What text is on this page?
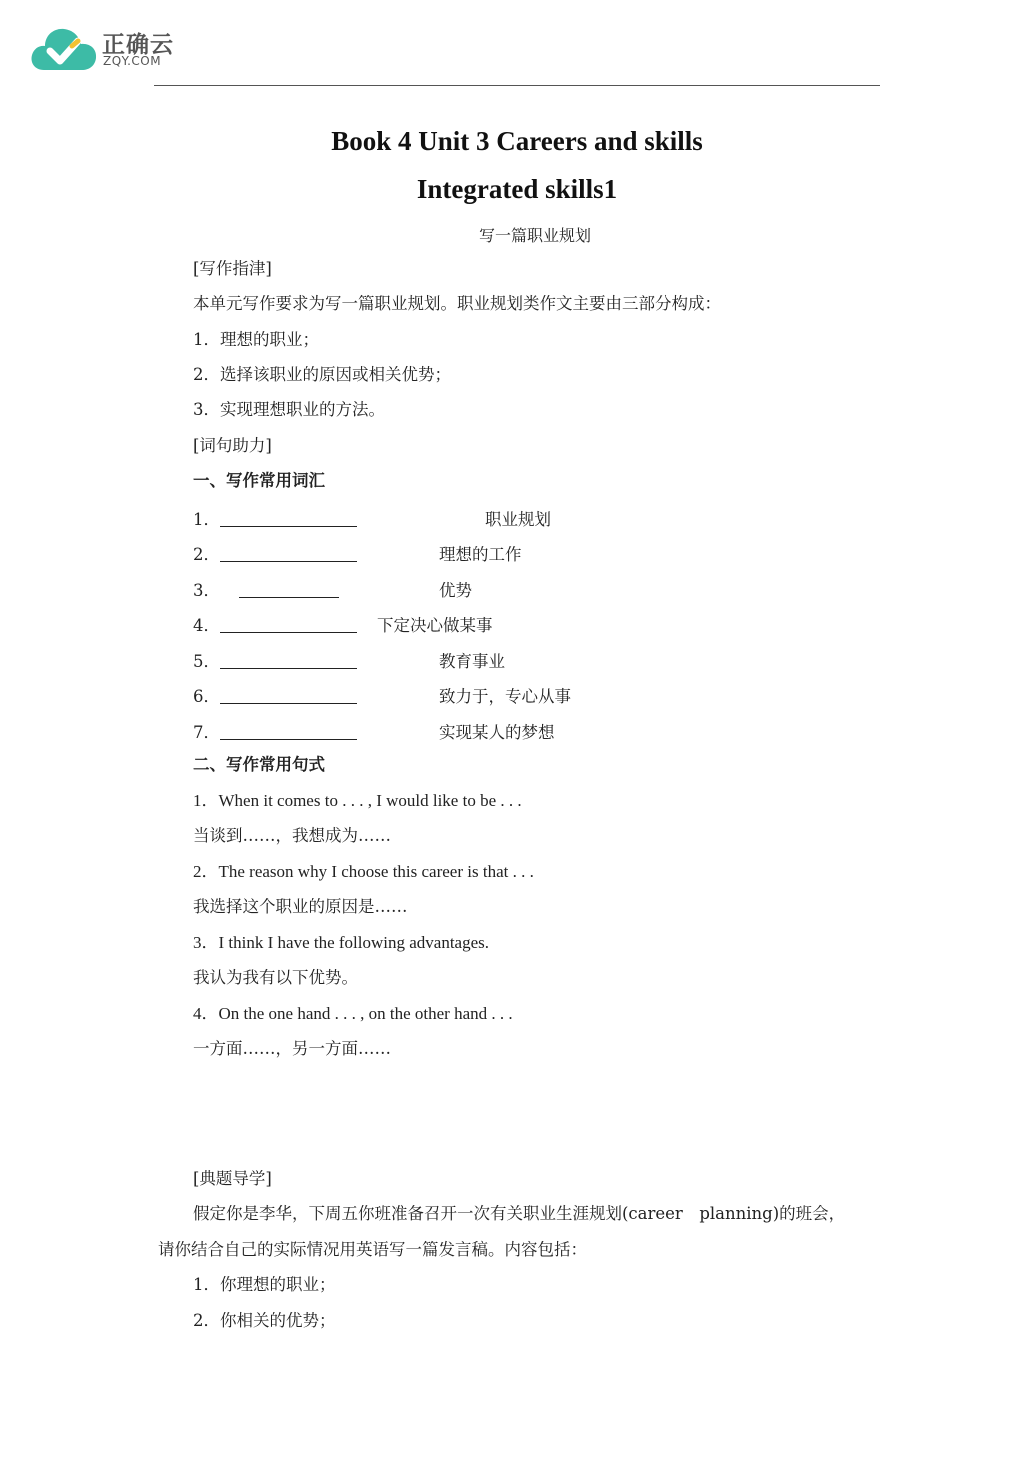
正确云
ZQY.COM
Book 4 Unit 3 Careers and skills
Integrated skills1
写一篇职业规划
[写作指津]
本单元写作要求为写一篇职业规划。职业规划类作文主要由三部分构成：
1．理想的职业；
2．选择该职业的原因或相关优势；
3．实现理想职业的方法。
[词句助力]
一、写作常用词汇
1．	职业规划
2．	理想的工作
3．	优势
4．	下定决心做某事
5．	教育事业
6．	致力于，专心从事
7．	实现某人的梦想
二、写作常用句式
1．When it comes to . . . , I would like to be . . .
当谈到……，我想成为……
2．The reason why I choose this career is that . . .
我选择这个职业的原因是……
3．I think I have the following advantages.
我认为我有以下优势。
4．On the one hand . . . , on the other hand . . .
一方面……，另一方面……
[典题导学]
假定你是李华，下周五你班准备召开一次有关职业生涯规划(career　planning)的班会，
请你结合自己的实际情况用英语写一篇发言稿。内容包括：
1．你理想的职业；
2．你相关的优势；
